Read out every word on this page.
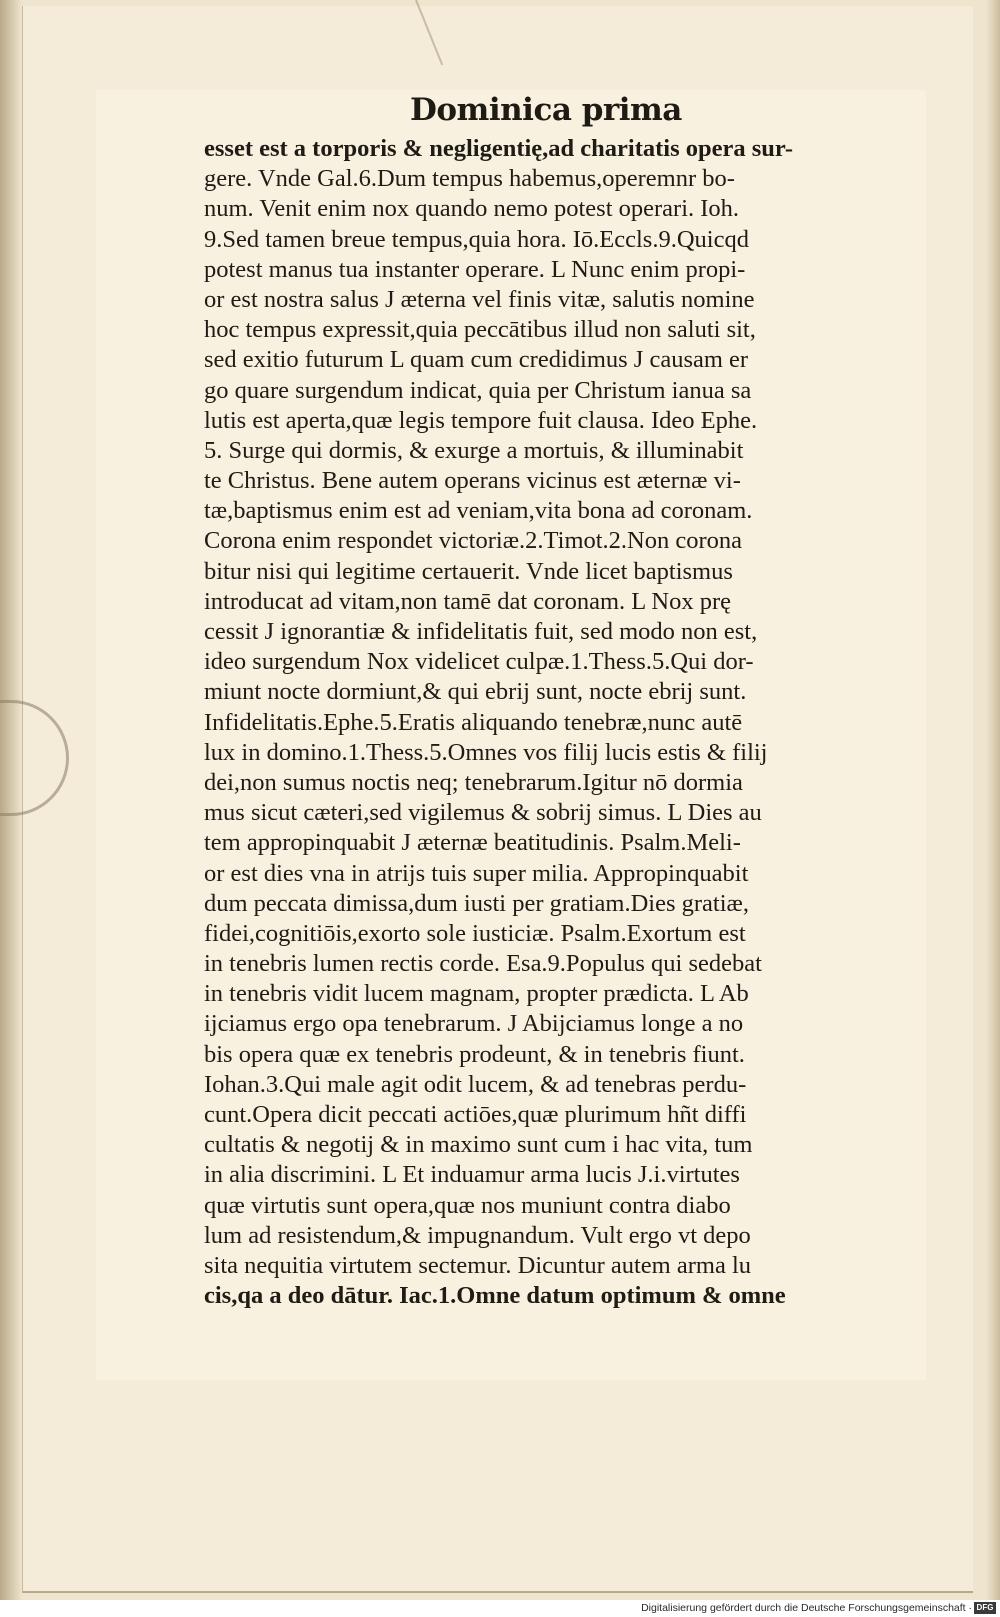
Dominica prima
esset est a torporis & negligentię,ad charitatis opera sur-
gere. Vnde Gal.6.Dum tempus habemus,operemnr bo-
num. Venit enim nox quando nemo potest operari. Ioh.
9.Sed tamen breue tempus,quia hora. Iō.Eccls.9.Quicqd
potest manus tua instanter operare. L Nunc enim propi-
or est nostra salus J æterna vel finis vitæ, salutis nomine
hoc tempus expressit,quia peccātibus illud non saluti sit,
sed exitio futurum L quam cum credidimus J causam er
go quare surgendum indicat, quia per Christum ianua sa
lutis est aperta,quæ legis tempore fuit clausa. Ideo Ephe.
5. Surge qui dormis, & exurge a mortuis, & illuminabit
te Christus. Bene autem operans vicinus est æternæ vi-
tæ,baptismus enim est ad veniam,vita bona ad coronam.
Corona enim respondet victoriæ.2.Timot.2.Non corona
bitur nisi qui legitime certauerit. Vnde licet baptismus
introducat ad vitam,non tamē dat coronam. L Nox prę
cessit J ignorantiæ & infidelitatis fuit, sed modo non est,
ideo surgendum Nox videlicet culpæ.1.Thess.5.Qui dor-
miunt nocte dormiunt,& qui ebrij sunt, nocte ebrij sunt.
Infidelitatis.Ephe.5.Eratis aliquando tenebræ,nunc autē
lux in domino.1.Thess.5.Omnes vos filij lucis estis & filij
dei,non sumus noctis neq; tenebrarum.Igitur nō dormia
mus sicut cæteri,sed vigilemus & sobrij simus. L Dies au
tem appropinquabit J æternæ beatitudinis. Psalm.Meli-
or est dies vna in atrijs tuis super milia. Appropinquabit
dum peccata dimissa,dum iusti per gratiam.Dies gratiæ,
fidei,cognitiōis,exorto sole iusticiæ. Psalm.Exortum est
in tenebris lumen rectis corde. Esa.9.Populus qui sedebat
in tenebris vidit lucem magnam, propter prædicta. L Ab
ijciamus ergo opa tenebrarum. J Abijciamus longe a no
bis opera quæ ex tenebris prodeunt, & in tenebris fiunt.
Iohan.3.Qui male agit odit lucem, & ad tenebras perdu-
cunt.Opera dicit peccati actiōes,quæ plurimum hñt diffi
cultatis & negotij & in maximo sunt cum i hac vita, tum
in alia discrimini. L Et induamur arma lucis J.i.virtutes
quæ virtutis sunt opera,quæ nos muniunt contra diabo
lum ad resistendum,& impugnandum. Vult ergo vt depo
sita nequitia virtutem sectemur. Dicuntur autem arma lu
cis,qa a deo dātur. Iac.1.Omne datum optimum & omne
Digitalisierung gefördert durch die Deutsche Forschungsgemeinschaft · DFG
